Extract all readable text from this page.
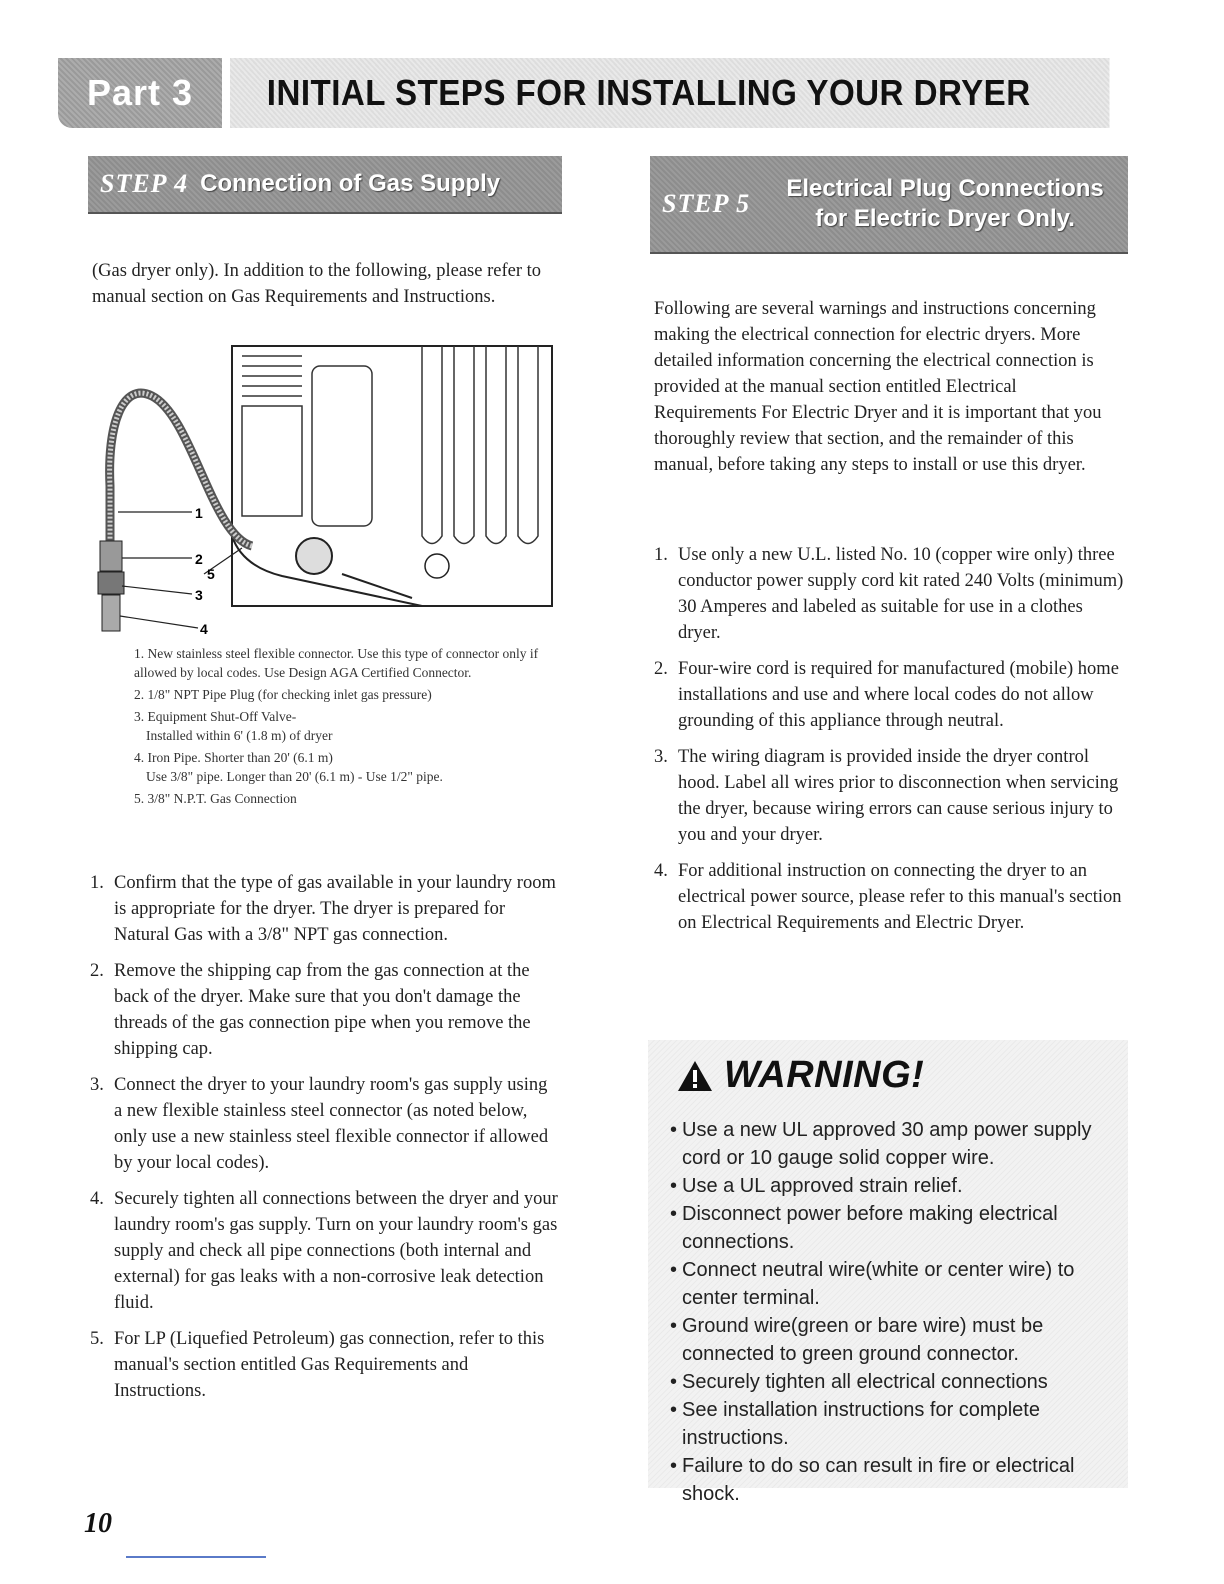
Part 3	INITIAL STEPS FOR INSTALLING YOUR DRYER
STEP 4 Connection of Gas Supply
(Gas dryer only). In addition to the following, please refer to manual section on Gas Requirements and Instructions.
1
2
3
4
5
1. New stainless steel flexible connector. Use this type of connector only if allowed by local codes. Use Design AGA Certified Connector.
2. 1/8" NPT Pipe Plug (for checking inlet gas pressure)
3. Equipment Shut-Off Valve-
Installed within 6' (1.8 m) of dryer
4. Iron Pipe. Shorter than 20' (6.1 m)
Use 3/8" pipe. Longer than 20' (6.1 m) - Use 1/2" pipe.
5. 3/8" N.P.T. Gas Connection
1. Confirm that the type of gas available in your laundry room is appropriate for the dryer. The dryer is prepared for Natural Gas with a 3/8" NPT gas connection.
2. Remove the shipping cap from the gas connection at the back of the dryer. Make sure that you don't damage the threads of the gas connection pipe when you remove the shipping cap.
3. Connect the dryer to your laundry room's gas supply using a new flexible stainless steel connector (as noted below, only use a new stainless steel flexible connector if allowed by your local codes).
4. Securely tighten all connections between the dryer and your laundry room's gas supply. Turn on your laundry room's gas supply and check all pipe connections (both internal and external) for gas leaks with a non-corrosive leak detection fluid.
5. For LP (Liquefied Petroleum) gas connection, refer to this manual's section entitled Gas Requirements and Instructions.
STEP 5
Electrical Plug Connections
for Electric Dryer Only.
Following are several warnings and instructions concerning making the electrical connection for electric dryers. More detailed information concerning the electrical connection is provided at the manual section entitled Electrical Requirements For Electric Dryer and it is important that you thoroughly review that section, and the remainder of this manual, before taking any steps to install or use this dryer.
1. Use only a new U.L. listed No. 10 (copper wire only) three conductor power supply cord kit rated 240 Volts (minimum) 30 Amperes and labeled as suitable for use in a clothes dryer.
2. Four-wire cord is required for manufactured (mobile) home installations and use and where local codes do not allow grounding of this appliance through neutral.
3. The wiring diagram is provided inside the dryer control hood. Label all wires prior to disconnection when servicing the dryer, because wiring errors can cause serious injury to you and your dryer.
4. For additional instruction on connecting the dryer to an electrical power source, please refer to this manual's section on Electrical Requirements and Electric Dryer.
WARNING!
• Use a new UL approved 30 amp power supply cord or 10 gauge solid copper wire.
• Use a UL approved strain relief.
• Disconnect power before making electrical connections.
• Connect neutral wire(white or center wire) to center terminal.
• Ground wire(green or bare wire) must be connected to green ground connector.
• Securely tighten all electrical connections
• See installation instructions for complete instructions.
• Failure to do so can result in fire or electrical shock.
10
